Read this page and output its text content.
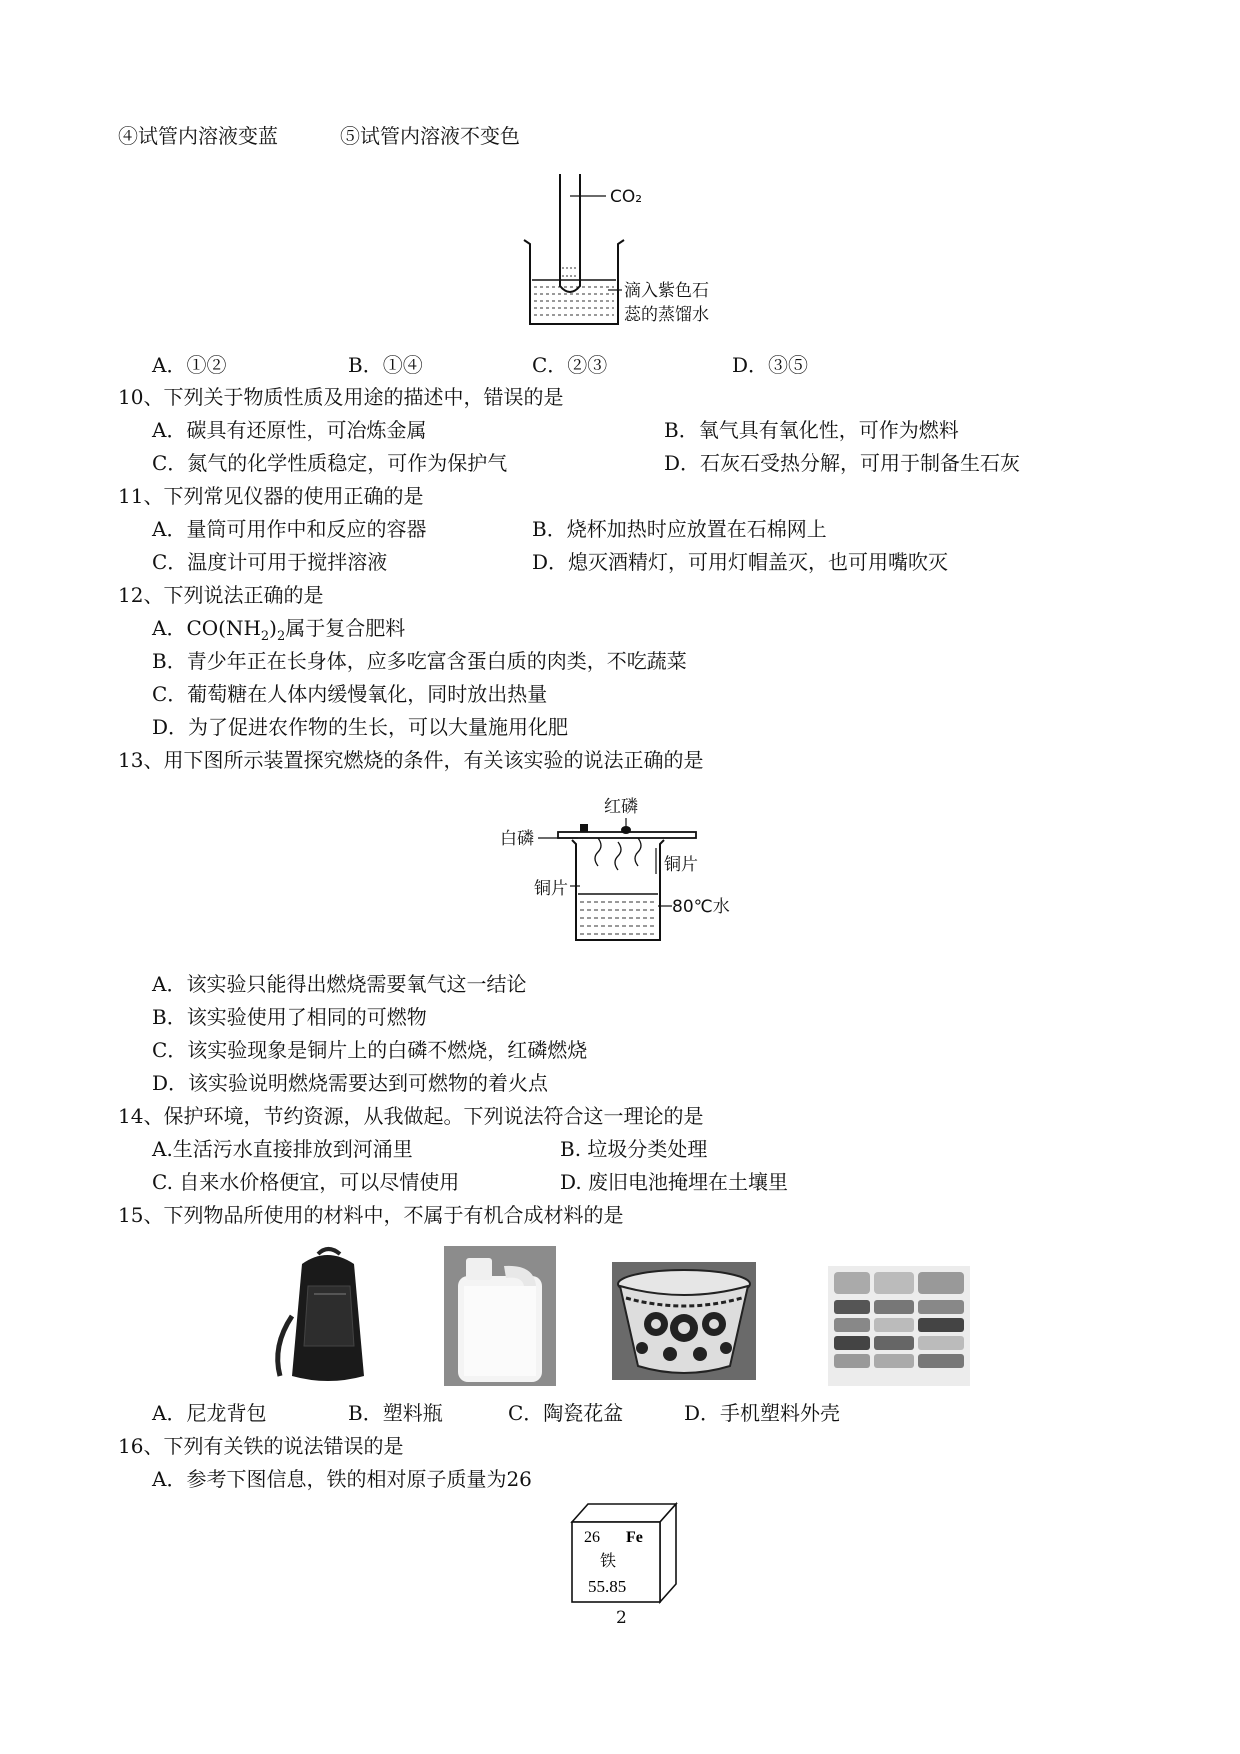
④试管内溶液变蓝	⑤试管内溶液不变色
CO₂
滴入紫色石
蕊的蒸馏水
A．①②	B．①④	C．②③	D．③⑤
10、下列关于物质性质及用途的描述中，错误的是
A．碳具有还原性，可冶炼金属	B．氧气具有氧化性，可作为燃料
C．氮气的化学性质稳定，可作为保护气	D．石灰石受热分解，可用于制备生石灰
11、下列常见仪器的使用正确的是
A．量筒可用作中和反应的容器	B．烧杯加热时应放置在石棉网上
C．温度计可用于搅拌溶液	D．熄灭酒精灯，可用灯帽盖灭，也可用嘴吹灭
12、下列说法正确的是
A．$CO(NH_2)_2$属于复合肥料
B．青少年正在长身体，应多吃富含蛋白质的肉类，不吃蔬菜
C．葡萄糖在人体内缓慢氧化，同时放出热量
D．为了促进农作物的生长，可以大量施用化肥
13、用下图所示装置探究燃烧的条件，有关该实验的说法正确的是
红磷
白磷
铜片
铜片
80℃水
A．该实验只能得出燃烧需要氧气这一结论
B．该实验使用了相同的可燃物
C．该实验现象是铜片上的白磷不燃烧，红磷燃烧
D．该实验说明燃烧需要达到可燃物的着火点
14、保护环境，节约资源，从我做起。下列说法符合这一理论的是
A.生活污水直接排放到河涌里	B. 垃圾分类处理
C. 自来水价格便宜，可以尽情使用	D. 废旧电池掩埋在土壤里
15、下列物品所使用的材料中，不属于有机合成材料的是
A．尼龙背包	B．塑料瓶	C．陶瓷花盆	D．手机塑料外壳
16、下列有关铁的说法错误的是
A．参考下图信息，铁的相对原子质量为26
26 Fe
铁
55.85
2
